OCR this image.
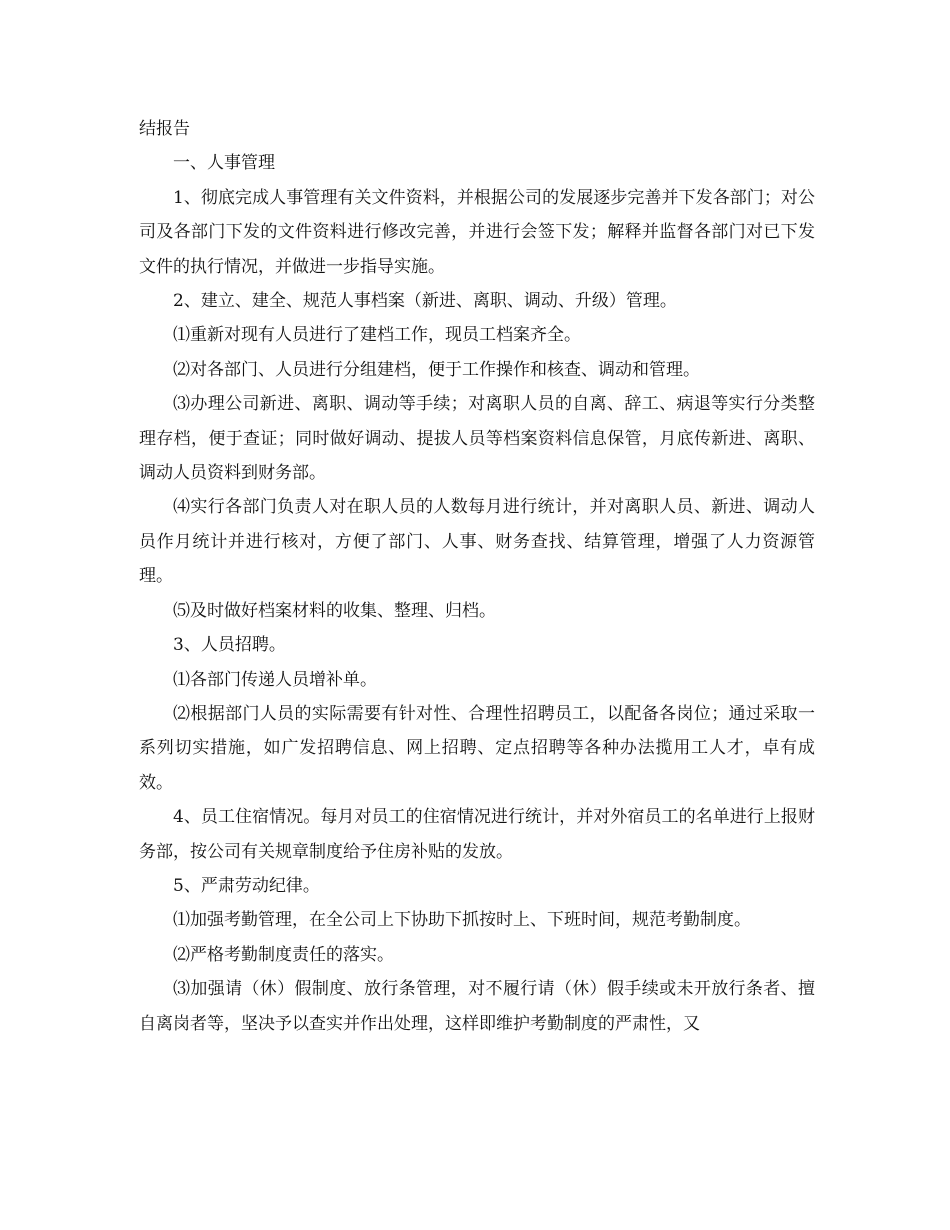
结报告

一、人事管理

1、彻底完成人事管理有关文件资料，并根据公司的发展逐步完善并下发各部门；对公司及各部门下发的文件资料进行修改完善，并进行会签下发；解释并监督各部门对已下发文件的执行情况，并做进一步指导实施。

2、建立、建全、规范人事档案（新进、离职、调动、升级）管理。

⑴重新对现有人员进行了建档工作，现员工档案齐全。

⑵对各部门、人员进行分组建档，便于工作操作和核查、调动和管理。

⑶办理公司新进、离职、调动等手续；对离职人员的自离、辞工、病退等实行分类整理存档，便于查证；同时做好调动、提拔人员等档案资料信息保管，月底传新进、离职、调动人员资料到财务部。

⑷实行各部门负责人对在职人员的人数每月进行统计，并对离职人员、新进、调动人员作月统计并进行核对，方便了部门、人事、财务查找、结算管理，增强了人力资源管理。

⑸及时做好档案材料的收集、整理、归档。

3、人员招聘。

⑴各部门传递人员增补单。

⑵根据部门人员的实际需要有针对性、合理性招聘员工，以配备各岗位；通过采取一系列切实措施，如广发招聘信息、网上招聘、定点招聘等各种办法揽用工人才，卓有成效。

4、员工住宿情况。每月对员工的住宿情况进行统计，并对外宿员工的名单进行上报财务部，按公司有关规章制度给予住房补贴的发放。

5、严肃劳动纪律。

⑴加强考勤管理，在全公司上下协助下抓按时上、下班时间，规范考勤制度。

⑵严格考勤制度责任的落实。

⑶加强请（休）假制度、放行条管理，对不履行请（休）假手续或未开放行条者、擅自离岗者等，坚决予以查实并作出处理，这样即维护考勤制度的严肃性，又
